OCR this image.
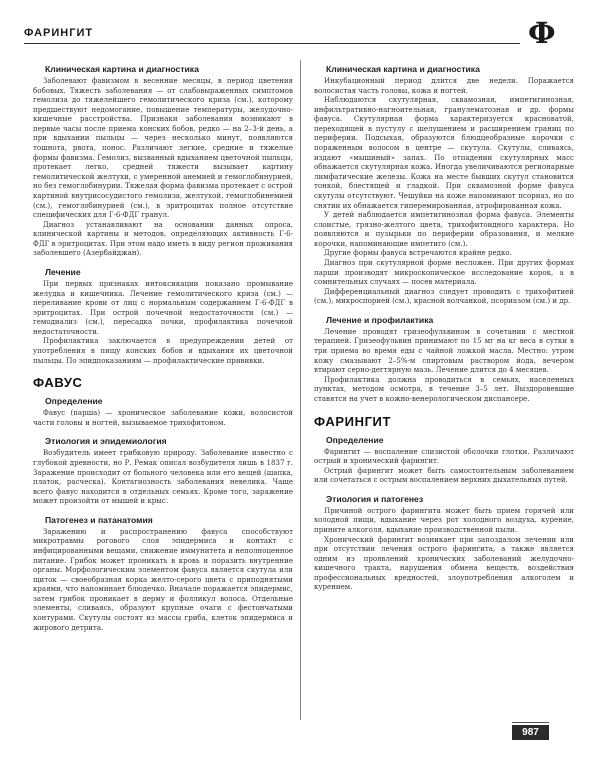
ФАРИНГИТ	Ф
Клиническая картина и диагностика

Заболевают фавизмом в весенние месяцы, в период цветения бобовых. Тяжесть заболевания — от слабовыраженных симптомов гемолиза до тяжелейшего гемолитического криза (см.), которому предшествуют недомогание, повышение температуры, желудочно-кишечные расстройства. Признаки заболевания возникают в первые часы после приема конских бобов, редко — на 2–3-й день, а при вдыхании пыльцы — через несколько минут, появляются тошнота, рвота, понос. Различают легкие, средние и тяжелые формы фавизма. Гемолиз, вызванный вдыханием цветочной пыльцы, протекает легко, средней тяжести вызывает картину гемолитической желтухи, с умеренной анемией и гемоглобинурией, но без гемоглобинурии. Тяжелая форма фавизма протекает с острой картиной внутрисосудистого гемолиза, желтухой, гемоглобинемией (см.), гемоглобинурией (см.), в эритроцитах полное отсутствие специфических для Г-6-ФДГ гранул.

Диагноз устанавливают на основании данных опроса, клинической картины и методов, определяющих активность Г-6-ФДГ в эритроцитах. При этом надо иметь в виду регион проживания заболевшего (Азербайджан).

Лечение

При первых признаках интоксикации показано промывание желудка и кишечника. Лечение гемолитического криза (см.) — переливание крови от лиц с нормальным содержанием Г-6-ФДГ в эритроцитах. При острой почечной недостаточности (см.) — гемодиализ (см.), пересадка почки, профилактика почечной недостаточности.

Профилактика заключается в предупреждении детей от употребления в пищу конских бобов и вдыхания их цветочной пыльцы. По эпидпоказаниям — профилактические прививки.

ФАВУС
Определение

Фавус (парша) — хроническое заболевание кожи, волосистой части головы и ногтей, вызываемое трихофитоном.

Этиология и эпидемиология

Возбудитель имеет грибковую природу. Заболевание известно с глубокой древности, но Р. Ремак описал возбудителя лишь в 1837 г. Заражение происходит от больного человека или его вещей (шапка, платок, расческа). Контагиозность заболевания невелика. Чаще всего фавус находится в отдельных семьях. Кроме того, заражение может произойти от мышей и крыс.

Патогенез и патанатомия

Заражению и распространению фавуса способствуют микротравмы рогового слоя эпидермиса и контакт с инфицированными вещами, снижение иммунитета и неполноценное питание. Грибок может проникать в кровь и поразить внутренние органы. Морфологическим элементом фавуса является скутула или щиток — своеобразная корка желто-серого цвета с приподнятыми краями, что напоминает блюдечко. Вначале поражается эпидермис, затем грибок проникает в дерму и фолликул волоса. Отдельные элементы, сливаясь, образуют крупные очаги с фестончатыми контурами. Скутулы состоят из массы гриба, клеток эпидермиса и жирового детрита.

Клиническая картина и диагностика

Инкубационный период длится две недели. Поражается волосистая часть головы, кожа и ногтей.

Наблюдаются скутулярная, сквамозная, импетигинозная, инфильтративно-нагноительная, гранулематозная и др. формы фавуса. Скутулярная форма характеризуется красноватой, переходящей в пустулу с шелушением и расширением границ по периферии. Подсыхая, образуются блюдцеобразные корочки с пораженным волосом в центре — скутула. Скутулы, сливаясь, издают «мышиный» запах. По отпадении скутулярных масс обнажается скутулярная кожа. Иногда увеличиваются регионарные лимфатические железы. Кожа на месте бывших скутул становится тонкой, блестящей и гладкой. При сквамозной форме фавуса скутулы отсутствуют. Чешуйки на коже напоминают псориаз, но по снятии их обнажается гиперемированная, атрофированная кожа.

У детей наблюдается импетигинозная форма фавуса. Элементы слоистые, грязно-желтого цвета, трихофитоидного характера. Но появляются и пузырьки по периферии образования, и мелкие корочки, напоминающие импетиго (см.).

Другие формы фавуса встречаются крайне редко.

Диагноз при скутулярной форме несложен. При других формах парши производят микроскопическое исследование корок, а в сомнительных случаях — посев материала.

Дифференциальный диагноз следует проводить с трихофитией (см.), микроспорией (см.), красной волчанкой, псориазом (см.) и др.

Лечение и профилактика

Лечение проводят гризеофульвином в сочетании с местной терапией. Гризеофульвин принимают по 15 мг на кг веса в сутки в три приема во время еды с чайной ложкой масла. Местно: утром кожу смазывают 2–5%-м спиртовым раствором йода, вечером втирают серно-дегтярную мазь. Лечение длится до 4 месяцев.

Профилактика должна проводиться в семьях, населенных пунктах, методом осмотра, в течение 3–5 лет. Выздоровевшие ставятся на учет в кожно-венерологическом диспансере.

ФАРИНГИТ
Определение

Фарингит — воспаление слизистой оболочки глотки. Различают острый и хронический фарингит.

Острый фарингит может быть самостоятельным заболеванием или сочетаться с острым воспалением верхних дыхательных путей.

Этиология и патогенез

Причиной острого фарингита может быть прием горячей или холодной пищи, вдыхание через рот холодного воздуха, курение, прините алкоголя, вдыхание производственной пыли.

Хронический фарингит возникает при запоздалом лечении или при отсутствии лечения острого фарингита, а также является одним из проявлений хронических заболеваний желудочно-кишечного тракта, нарушения обмена веществ, воздействия профессиональных вредностей, злоупотребления алкоголем и курением.

987
